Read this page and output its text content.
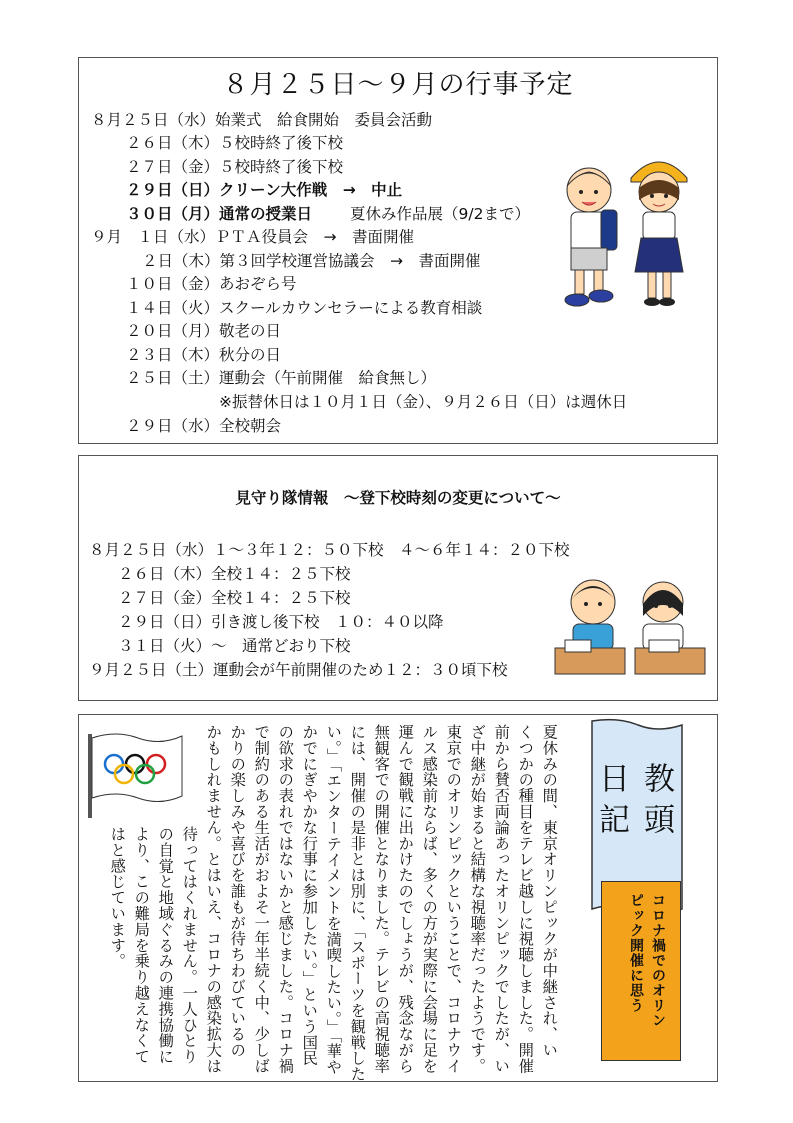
８月２５日～９月の行事予定
８月２５日（水）始業式　給食開始　委員会活動
２６日（木）５校時終了後下校
２７日（金）５校時終了後下校
２９日（日）クリーン大作戦　→　中止
３０日（月）通常の授業日 夏休み作品展（9/2まで）
９月　１日（水）ＰＴＡ役員会　→　書面開催
２日（木）第３回学校運営協議会　→　書面開催
１０日（金）あおぞら号
１４日（火）スクールカウンセラーによる教育相談
２０日（月）敬老の日
２３日（木）秋分の日
２５日（土）運動会（午前開催　給食無し）
※振替休日は１０月１日（金）、９月２６日（日）は週休日
２９日（水）全校朝会
見守り隊情報　～登下校時刻の変更について～
８月２５日（水）１～３年１２：５０下校　４～６年１４：２０下校
２６日（木）全校１４：２５下校
２７日（金）全校１４：２５下校
２９日（日）引き渡し後下校　１０：４０以降
３１日（火）～　通常どおり下校
９月２５日（土）運動会が午前開催のため１２：３０頃下校
教頭
日記
コロナ禍でのオリン
ピック開催に思う
夏休みの間、東京オリンピックが中継され、い
くつかの種目をテレビ越しに視聴しました。開催
前から賛否両論あったオリンピックでしたが、い
ざ中継が始まると結構な視聴率だったようです。
東京でのオリンピックということで、コロナウイ
ルス感染前ならば、多くの方が実際に会場に足を
運んで観戦に出かけたのでしょうが、残念ながら
無観客での開催となりました。テレビの高視聴率
には、開催の是非とは別に、「スポーツを観戦した
い。」「エンターテイメントを満喫したい。」「華や
かでにぎやかな行事に参加したい。」という国民
の欲求の表れではないかと感じました。コロナ禍
で制約のある生活がおよそ一年半続く中、少しば
かりの楽しみや喜びを誰もが待ちわびているの
かもしれません。とはいえ、コロナの感染拡大は
待ってはくれません。一人ひとり
の自覚と地域ぐるみの連携協働に
より、この難局を乗り越えなくて
はと感じています。
